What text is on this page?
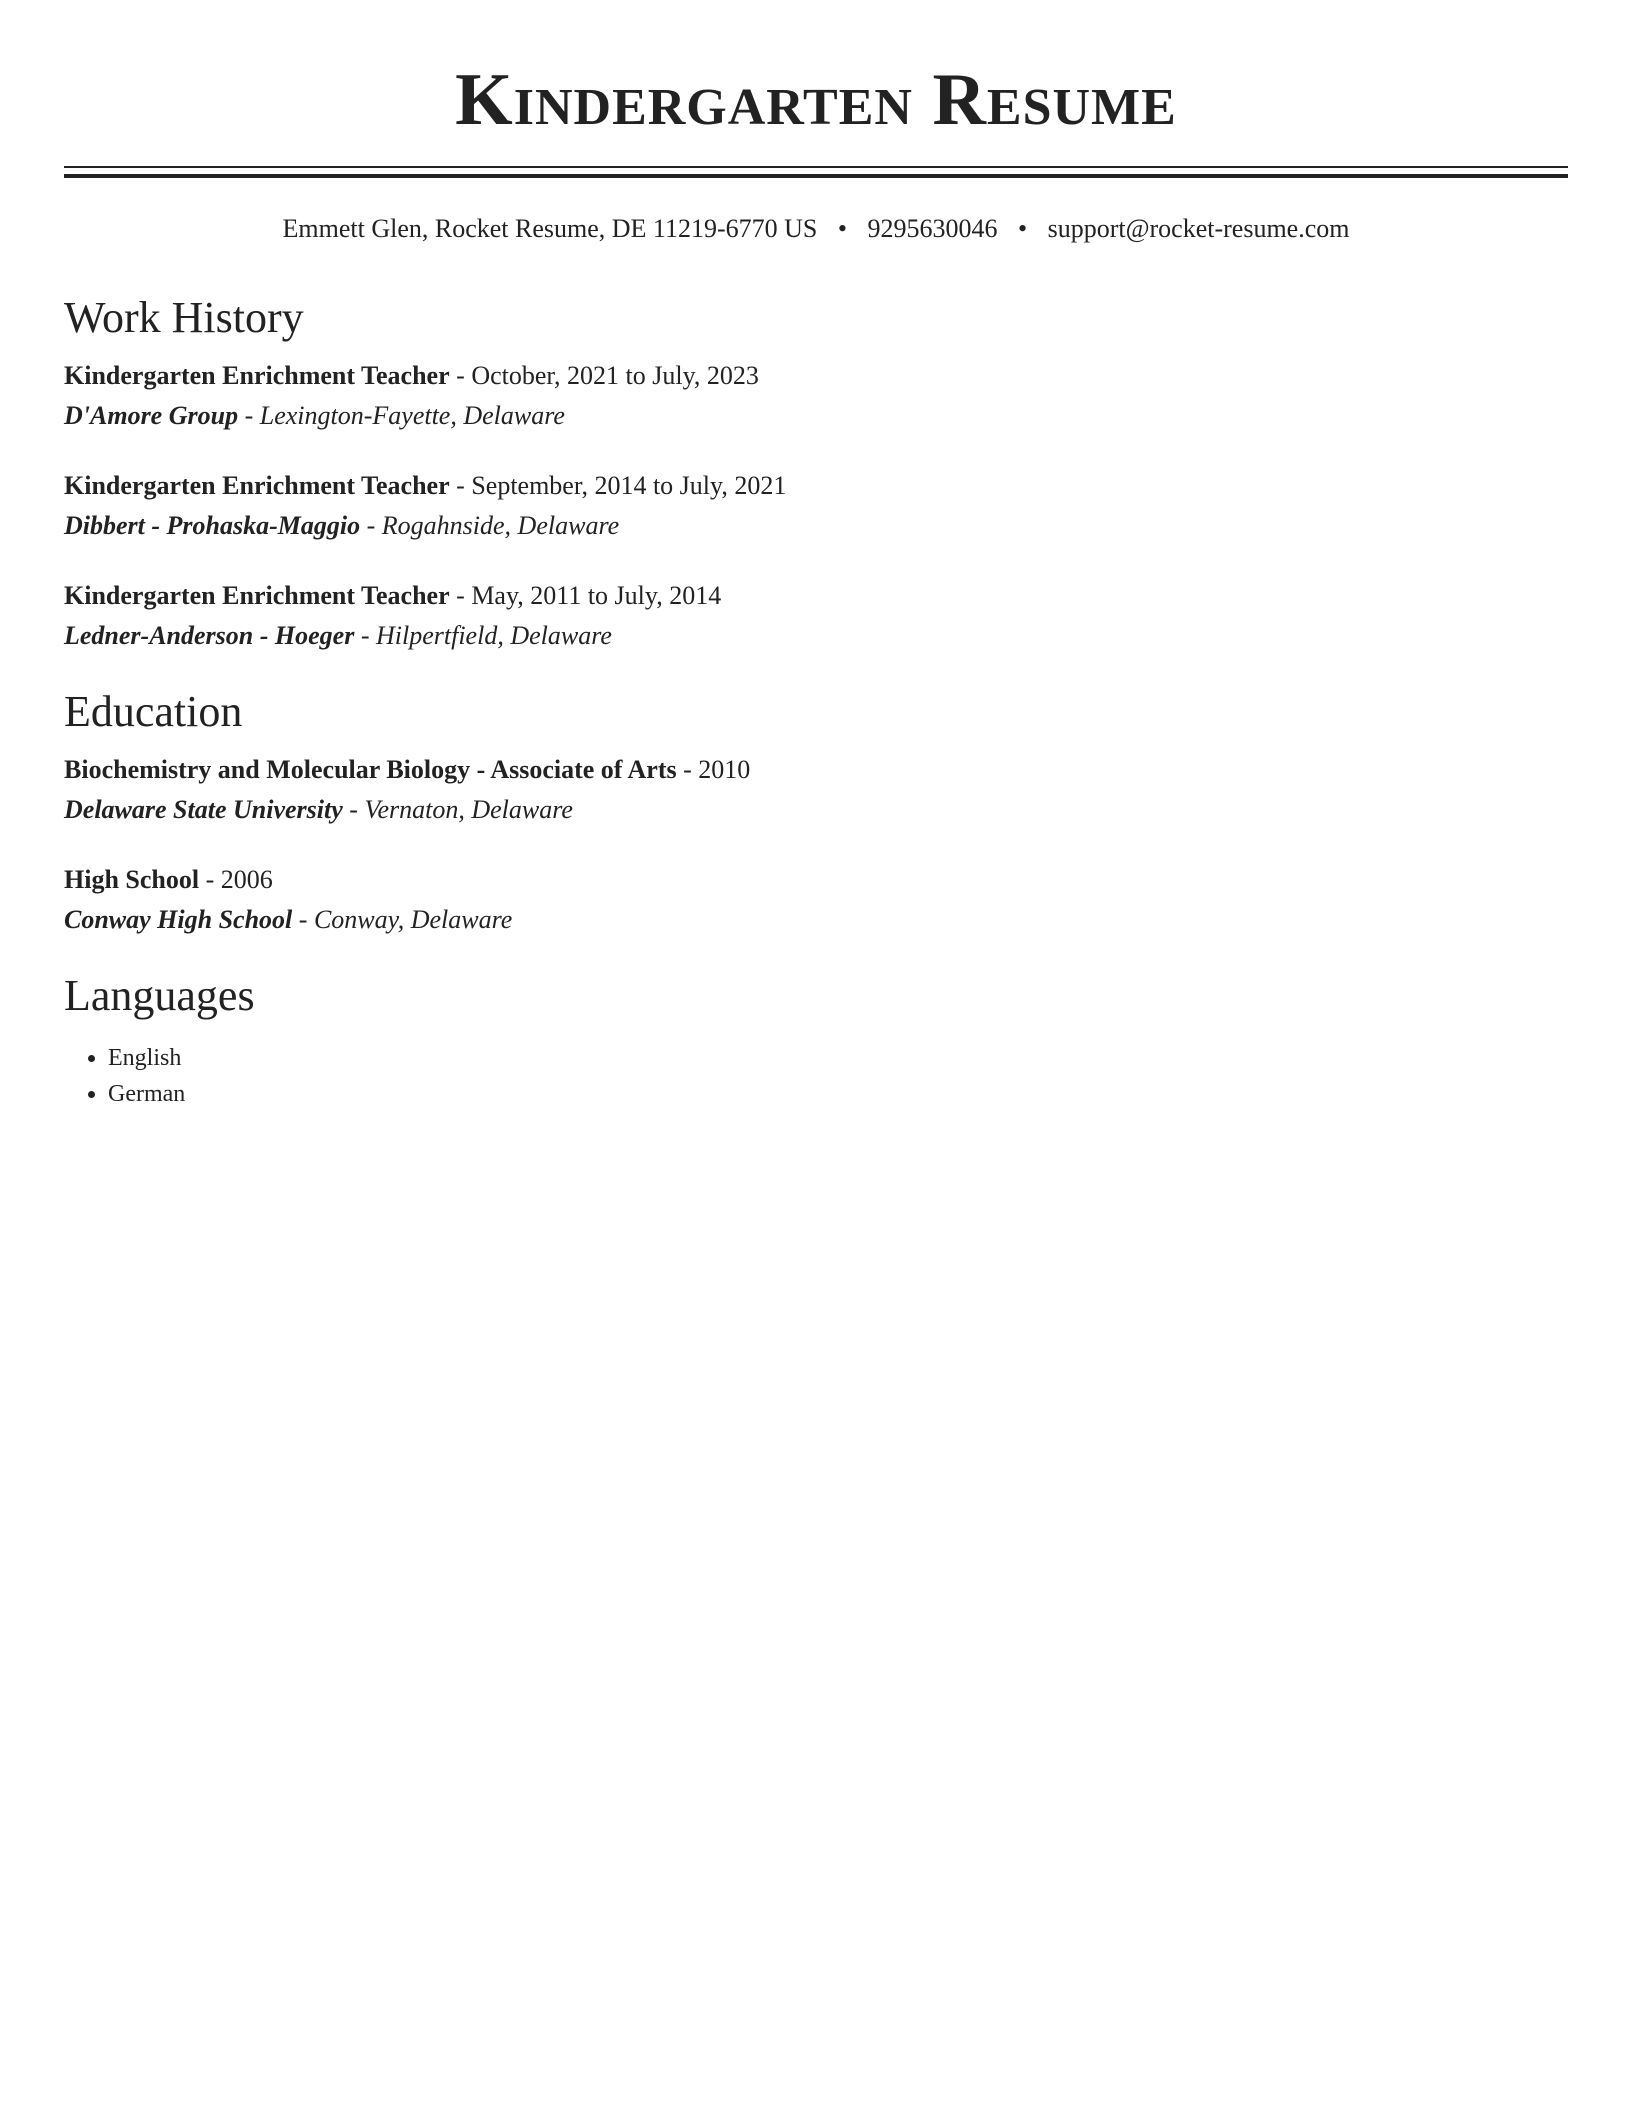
Kindergarten Resume
Emmett Glen, Rocket Resume, DE 11219-6770 US • 9295630046 • support@rocket-resume.com
Work History
Kindergarten Enrichment Teacher - October, 2021 to July, 2023
D'Amore Group - Lexington-Fayette, Delaware
Kindergarten Enrichment Teacher - September, 2014 to July, 2021
Dibbert - Prohaska-Maggio - Rogahnside, Delaware
Kindergarten Enrichment Teacher - May, 2011 to July, 2014
Ledner-Anderson - Hoeger - Hilpertfield, Delaware
Education
Biochemistry and Molecular Biology - Associate of Arts - 2010
Delaware State University - Vernaton, Delaware
High School - 2006
Conway High School - Conway, Delaware
Languages
• English
• German
